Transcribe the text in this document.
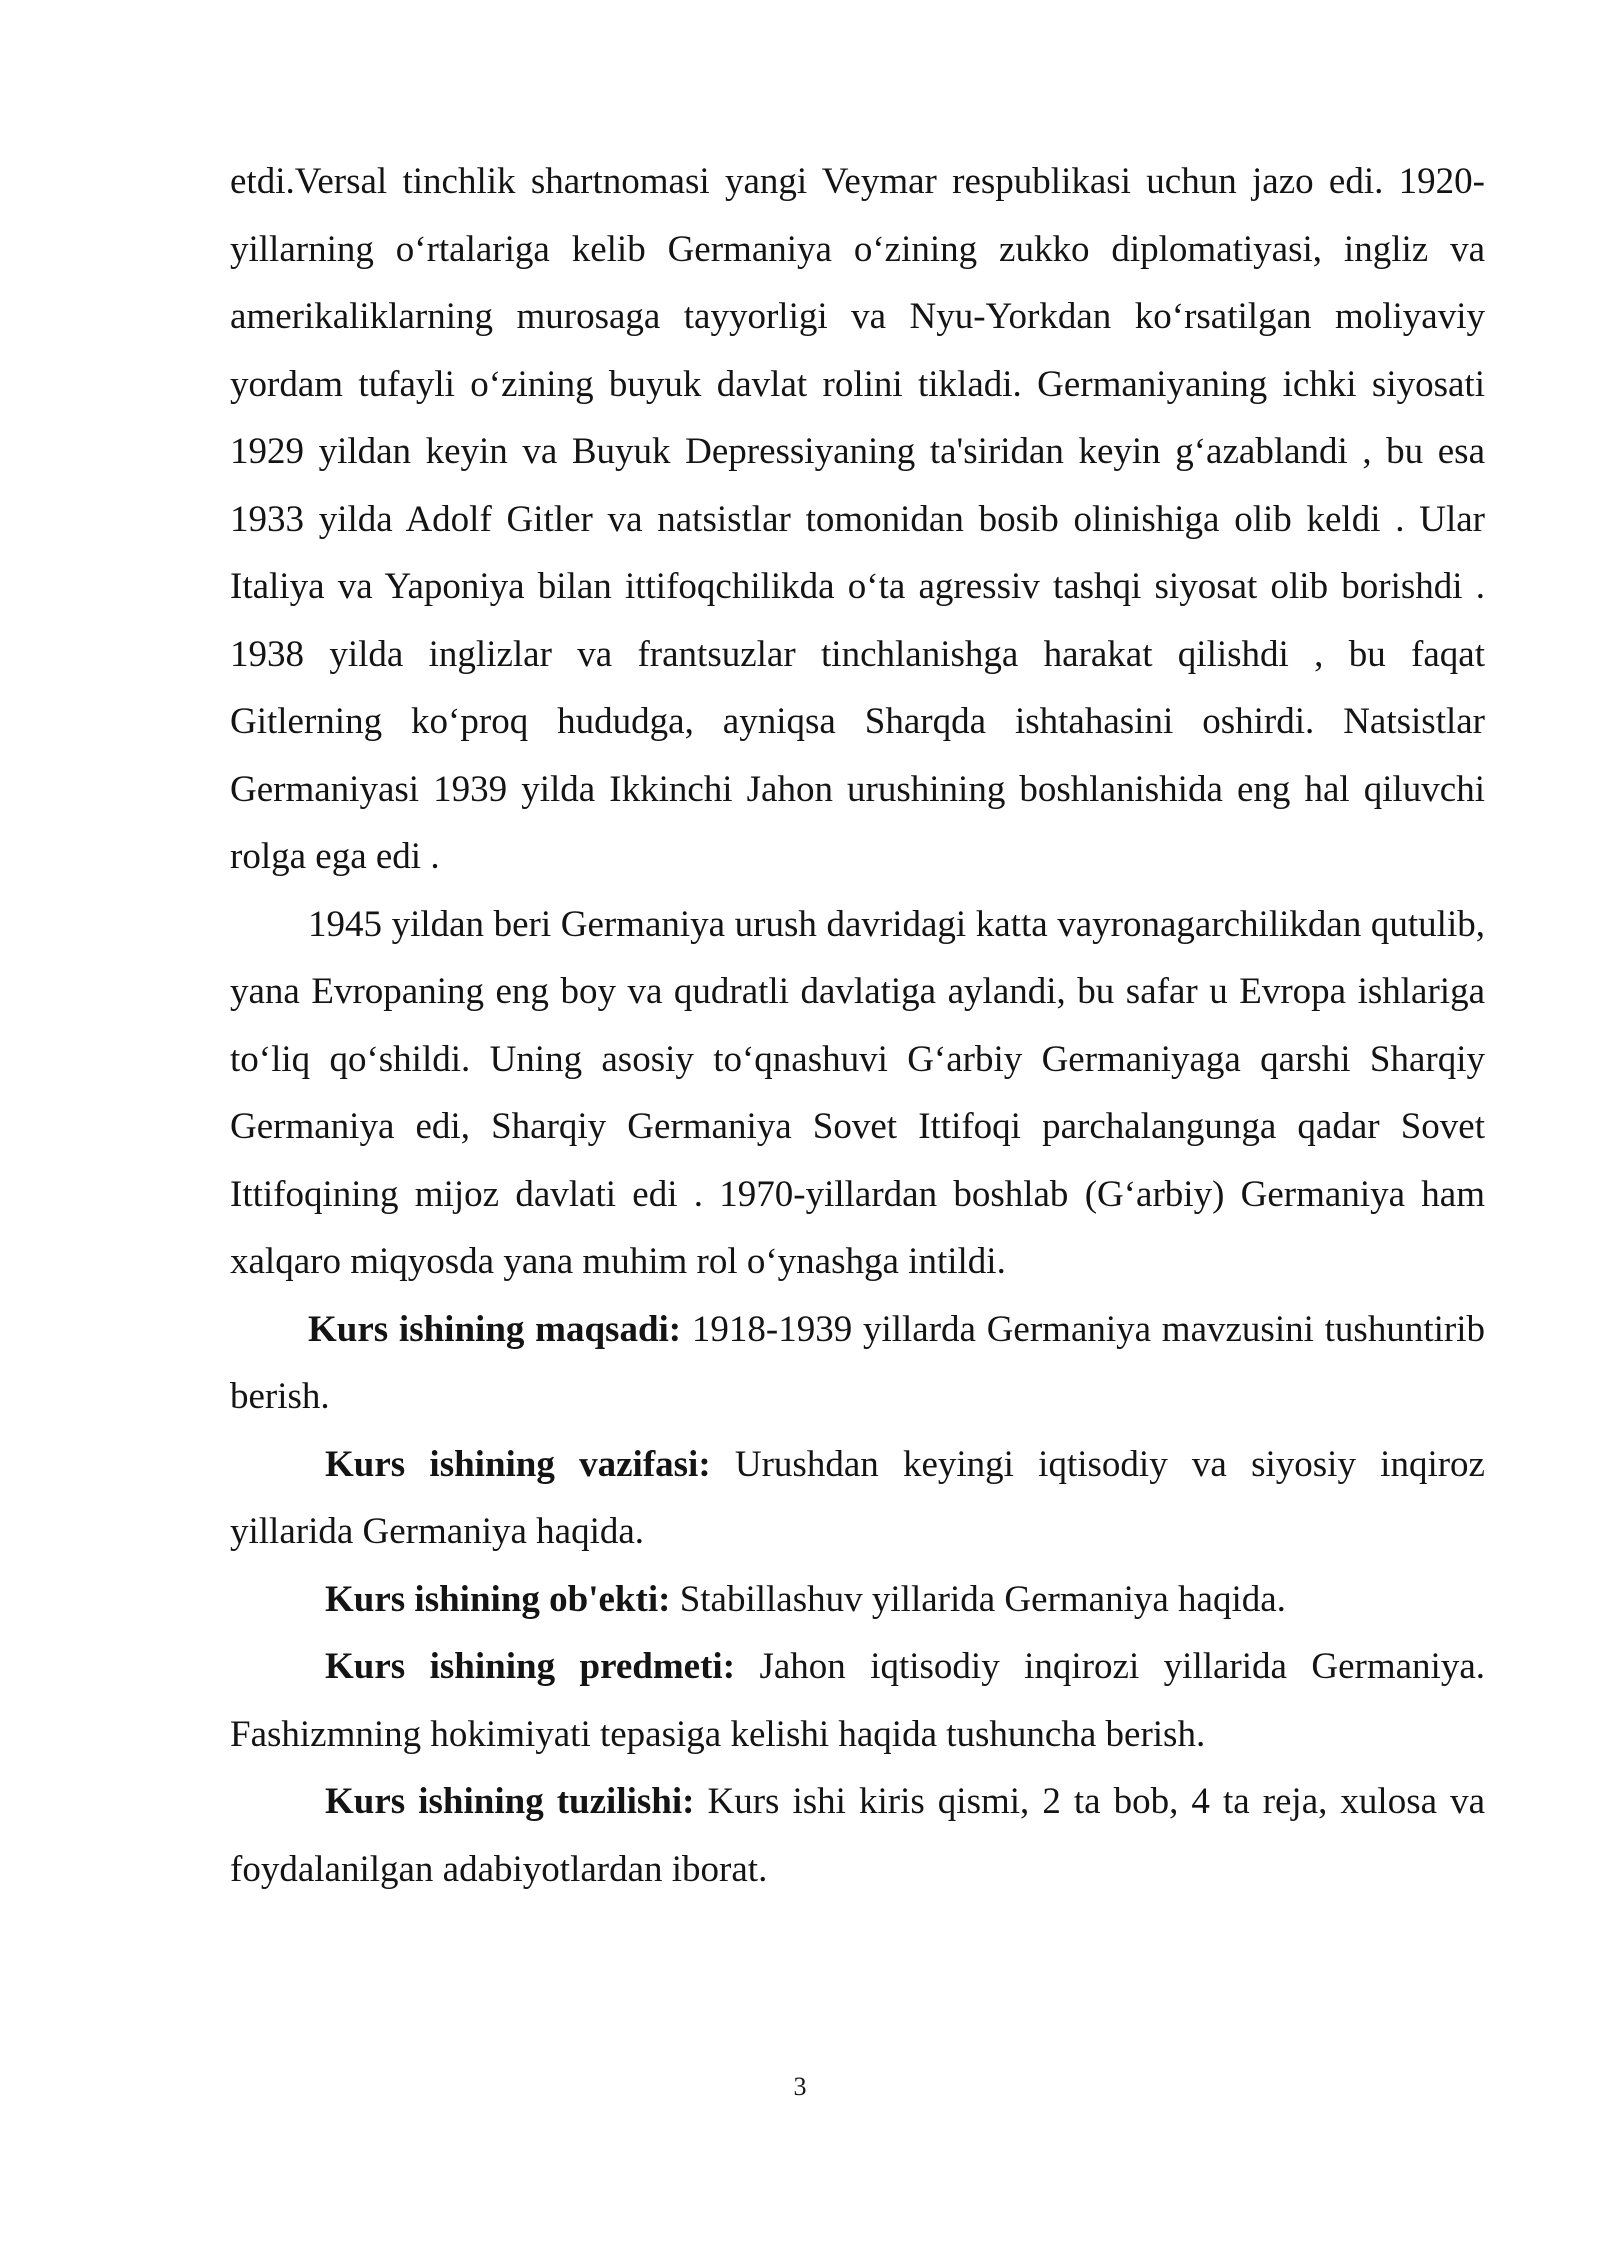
etdi.Versal tinchlik shartnomasi yangi Veymar respublikasi uchun jazo edi. 1920-yillarning o‘rtalariga kelib Germaniya o‘zining zukko diplomatiyasi, ingliz va amerikaliklarning murosaga tayyorligi va Nyu-Yorkdan ko‘rsatilgan moliyaviy yordam tufayli o‘zining buyuk davlat rolini tikladi. Germaniyaning ichki siyosati 1929 yildan keyin va Buyuk Depressiyaning ta'siridan keyin g‘azablandi , bu esa 1933 yilda Adolf Gitler va natsistlar tomonidan bosib olinishiga olib keldi . Ular Italiya va Yaponiya bilan ittifoqchilikda o‘ta agressiv tashqi siyosat olib borishdi . 1938 yilda inglizlar va frantsuzlar tinchlanishga harakat qilishdi , bu faqat Gitlerning ko‘proq hududga, ayniqsa Sharqda ishtahasini oshirdi. Natsistlar Germaniyasi 1939 yilda Ikkinchi Jahon urushining boshlanishida eng hal qiluvchi rolga ega edi .

1945 yildan beri Germaniya urush davridagi katta vayronagarchilikdan qutulib, yana Evropaning eng boy va qudratli davlatiga aylandi, bu safar u Evropa ishlariga to‘liq qo‘shildi. Uning asosiy to‘qnashuvi G‘arbiy Germaniyaga qarshi Sharqiy Germaniya edi, Sharqiy Germaniya Sovet Ittifoqi parchalangunga qadar Sovet Ittifoqining mijoz davlati edi . 1970-yillardan boshlab (G‘arbiy) Germaniya ham xalqaro miqyosda yana muhim rol o‘ynashga intildi.

Kurs ishining maqsadi: 1918-1939 yillarda Germaniya mavzusini tushuntirib berish.

Kurs ishining vazifasi: Urushdan keyingi iqtisodiy va siyosiy inqiroz yillarida Germaniya haqida.

Kurs ishining ob'ekti: Stabillashuv yillarida Germaniya haqida.

Kurs ishining predmeti: Jahon iqtisodiy inqirozi yillarida Germaniya. Fashizmning hokimiyati tepasiga kelishi haqida tushuncha berish.

Kurs ishining tuzilishi: Kurs ishi kiris qismi, 2 ta bob, 4 ta reja, xulosa va foydalanilgan adabiyotlardan iborat.

3
